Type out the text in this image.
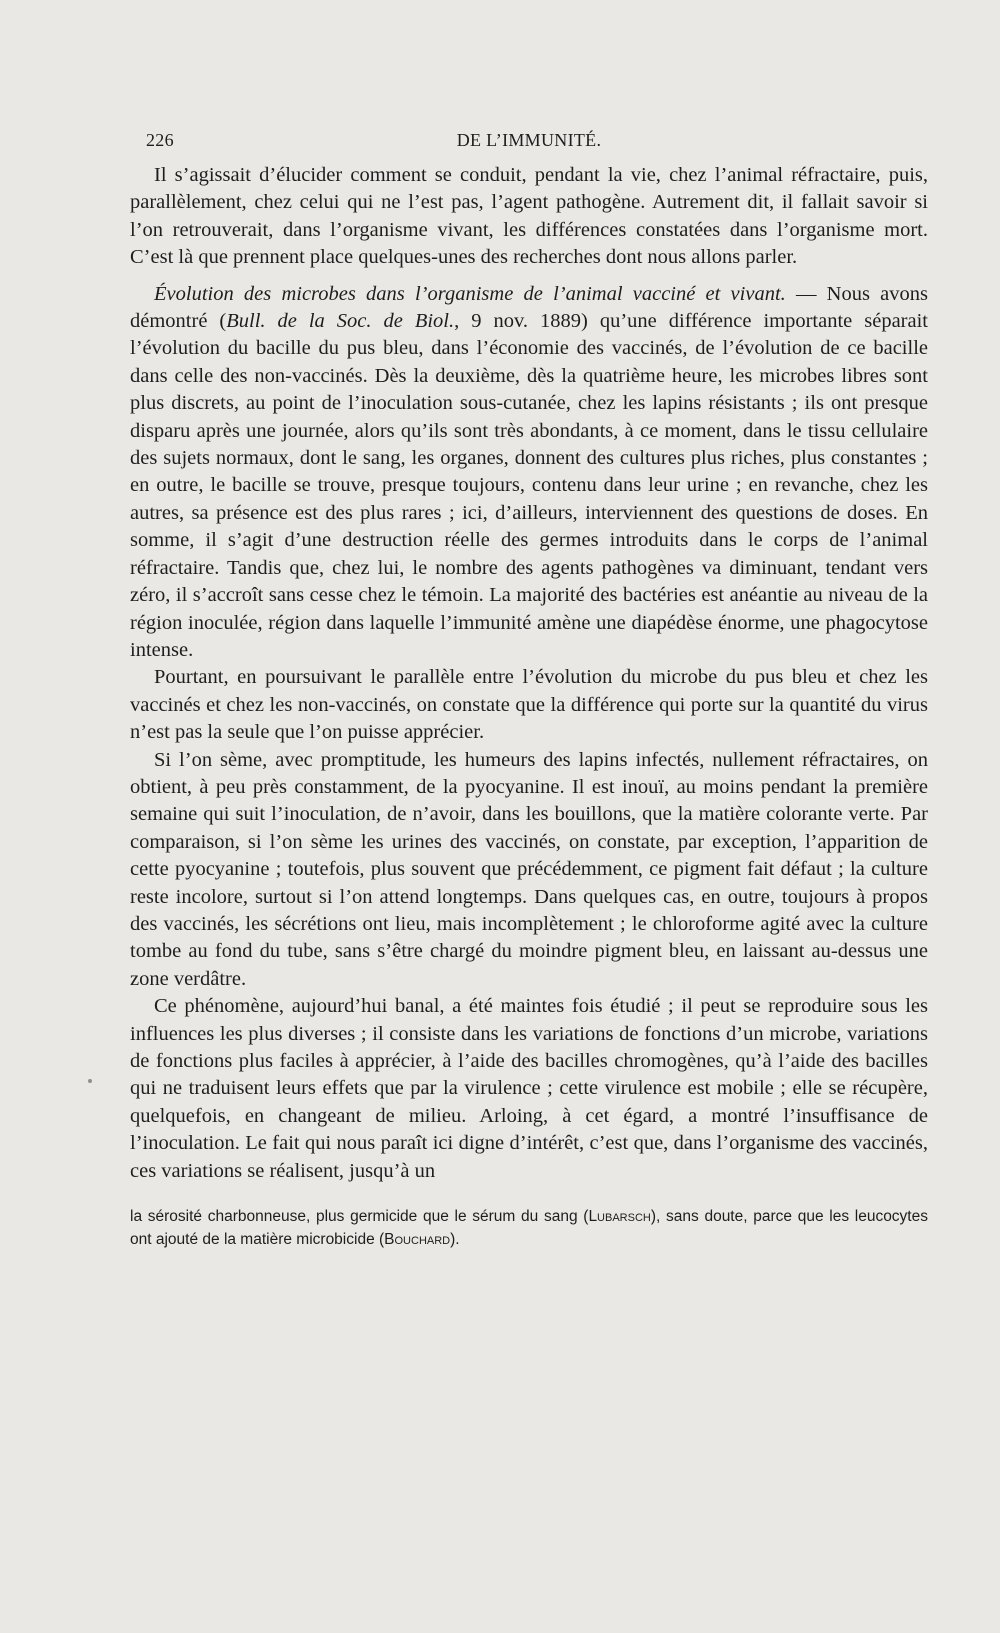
226	DE L’IMMUNITÉ.

Il s’agissait d’élucider comment se conduit, pendant la vie, chez l’animal réfractaire, puis, parallèlement, chez celui qui ne l’est pas, l’agent pathogène. Autrement dit, il fallait savoir si l’on retrouverait, dans l’organisme vivant, les différences constatées dans l’organisme mort. C’est là que prennent place quelques-unes des recherches dont nous allons parler.

Évolution des microbes dans l’organisme de l’animal vacciné et vivant. — Nous avons démontré (Bull. de la Soc. de Biol., 9 nov. 1889) qu’une différence importante séparait l’évolution du bacille du pus bleu, dans l’économie des vaccinés, de l’évolution de ce bacille dans celle des non-vaccinés. Dès la deuxième, dès la quatrième heure, les microbes libres sont plus discrets, au point de l’inoculation sous-cutanée, chez les lapins résistants ; ils ont presque disparu après une journée, alors qu’ils sont très abondants, à ce moment, dans le tissu cellulaire des sujets normaux, dont le sang, les organes, donnent des cultures plus riches, plus constantes ; en outre, le bacille se trouve, presque toujours, contenu dans leur urine ; en revanche, chez les autres, sa présence est des plus rares ; ici, d’ailleurs, interviennent des questions de doses. En somme, il s’agit d’une destruction réelle des germes introduits dans le corps de l’animal réfractaire. Tandis que, chez lui, le nombre des agents pathogènes va diminuant, tendant vers zéro, il s’accroît sans cesse chez le témoin. La majorité des bactéries est anéantie au niveau de la région inoculée, région dans laquelle l’immunité amène une diapédèse énorme, une phagocytose intense.

Pourtant, en poursuivant le parallèle entre l’évolution du microbe du pus bleu et chez les vaccinés et chez les non-vaccinés, on constate que la différence qui porte sur la quantité du virus n’est pas la seule que l’on puisse apprécier.

Si l’on sème, avec promptitude, les humeurs des lapins infectés, nullement réfractaires, on obtient, à peu près constamment, de la pyocyanine. Il est inouï, au moins pendant la première semaine qui suit l’inoculation, de n’avoir, dans les bouillons, que la matière colorante verte. Par comparaison, si l’on sème les urines des vaccinés, on constate, par exception, l’apparition de cette pyocyanine ; toutefois, plus souvent que précédemment, ce pigment fait défaut ; la culture reste incolore, surtout si l’on attend longtemps. Dans quelques cas, en outre, toujours à propos des vaccinés, les sécrétions ont lieu, mais incomplètement ; le chloroforme agité avec la culture tombe au fond du tube, sans s’être chargé du moindre pigment bleu, en laissant au-dessus une zone verdâtre.

Ce phénomène, aujourd’hui banal, a été maintes fois étudié ; il peut se reproduire sous les influences les plus diverses ; il consiste dans les variations de fonctions d’un microbe, variations de fonctions plus faciles à apprécier, à l’aide des bacilles chromogènes, qu’à l’aide des bacilles qui ne traduisent leurs effets que par la virulence ; cette virulence est mobile ; elle se récupère, quelquefois, en changeant de milieu. Arloing, à cet égard, a montré l’insuffisance de l’inoculation. Le fait qui nous paraît ici digne d’intérêt, c’est que, dans l’organisme des vaccinés, ces variations se réalisent, jusqu’à un

la sérosité charbonneuse, plus germicide que le sérum du sang (Lubarsch), sans doute, parce que les leucocytes ont ajouté de la matière microbicide (Bouchard).
